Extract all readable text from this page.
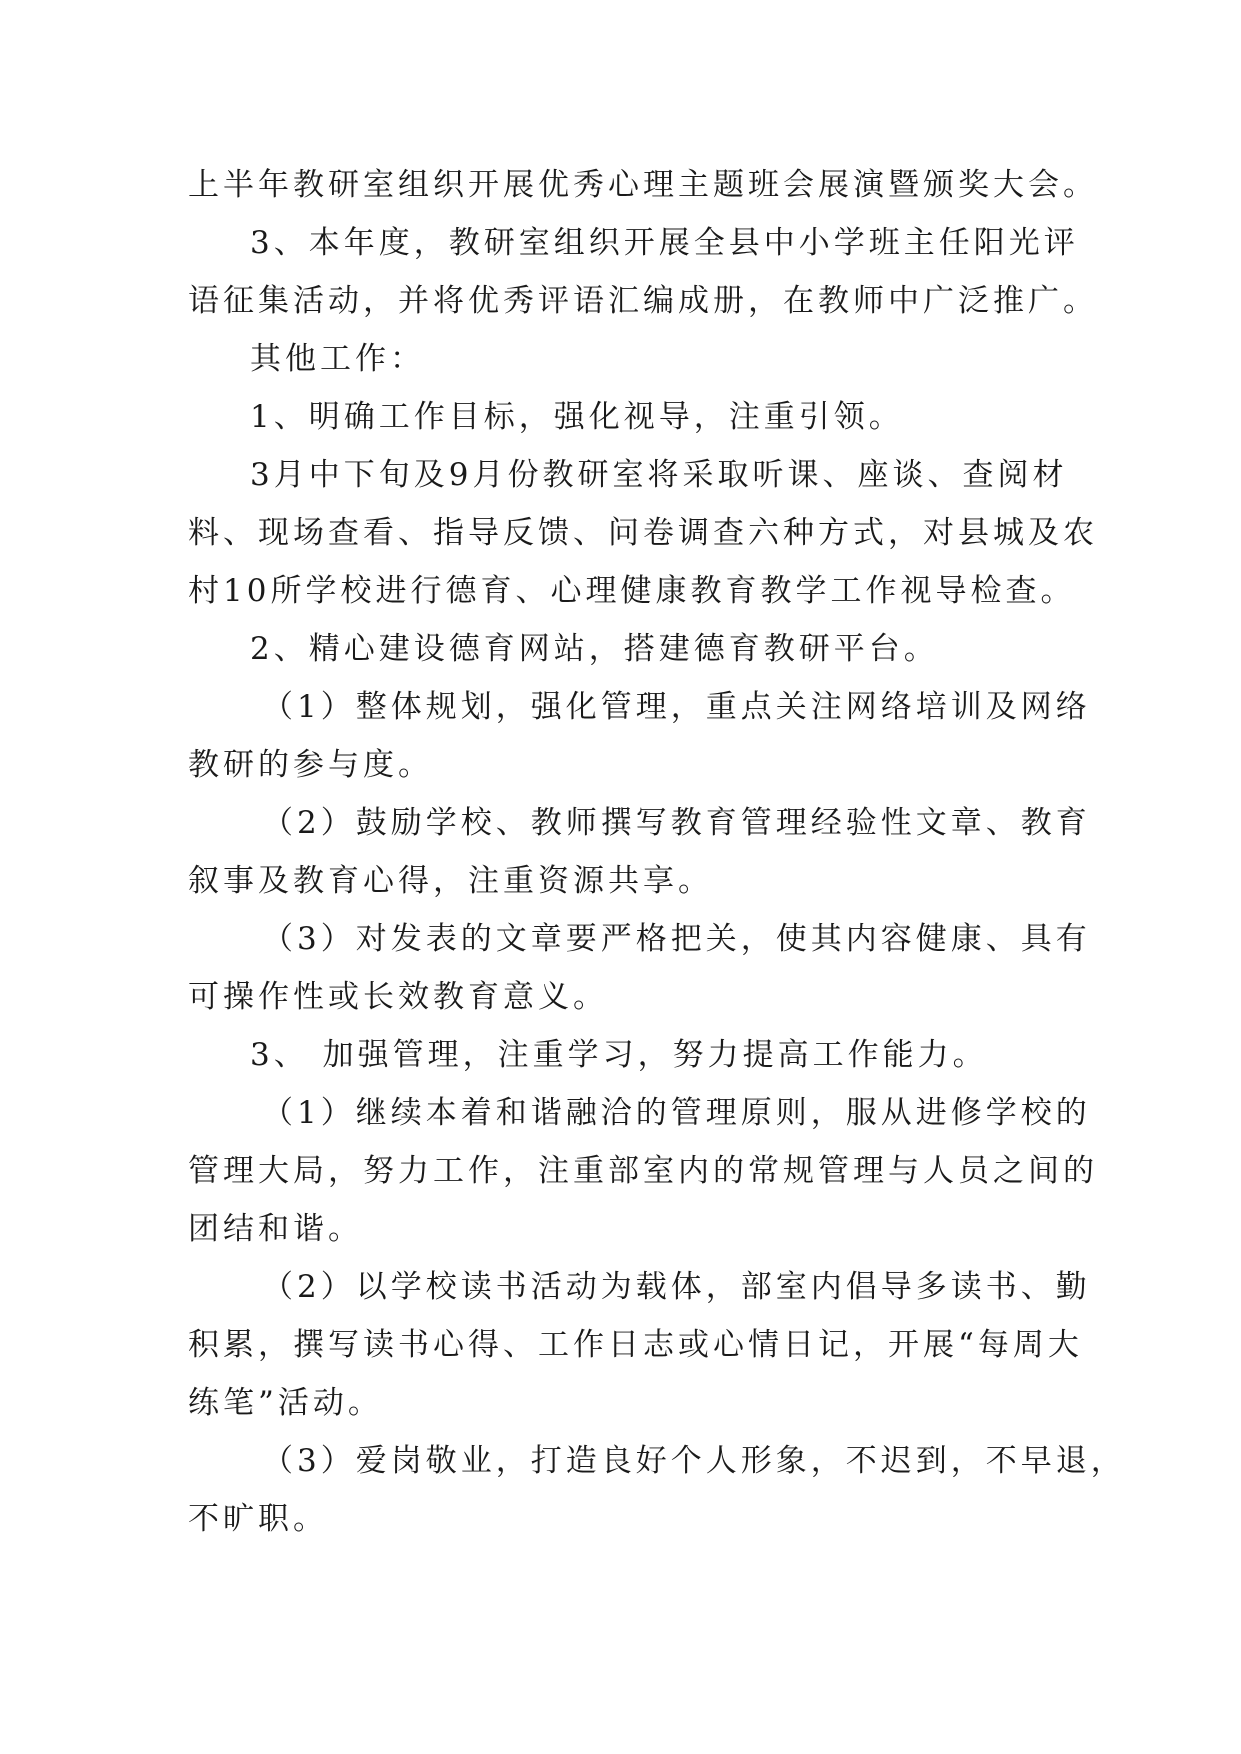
上半年教研室组织开展优秀心理主题班会展演暨颁奖大会。
3、本年度，教研室组织开展全县中小学班主任阳光评
语征集活动，并将优秀评语汇编成册，在教师中广泛推广。
其他工作：
1、明确工作目标，强化视导，注重引领。
3月中下旬及9月份教研室将采取听课、座谈、查阅材
料、现场查看、指导反馈、问卷调查六种方式，对县城及农
村10所学校进行德育、心理健康教育教学工作视导检查。
2、精心建设德育网站，搭建德育教研平台。
（1）整体规划，强化管理，重点关注网络培训及网络
教研的参与度。
（2）鼓励学校、教师撰写教育管理经验性文章、教育
叙事及教育心得，注重资源共享。
（3）对发表的文章要严格把关，使其内容健康、具有
可操作性或长效教育意义。
3、 加强管理，注重学习，努力提高工作能力。
（1）继续本着和谐融洽的管理原则，服从进修学校的
管理大局，努力工作，注重部室内的常规管理与人员之间的
团结和谐。
（2）以学校读书活动为载体，部室内倡导多读书、勤
积累，撰写读书心得、工作日志或心情日记，开展“每周大
练笔”活动。
（3）爱岗敬业，打造良好个人形象，不迟到，不早退，
不旷职。
